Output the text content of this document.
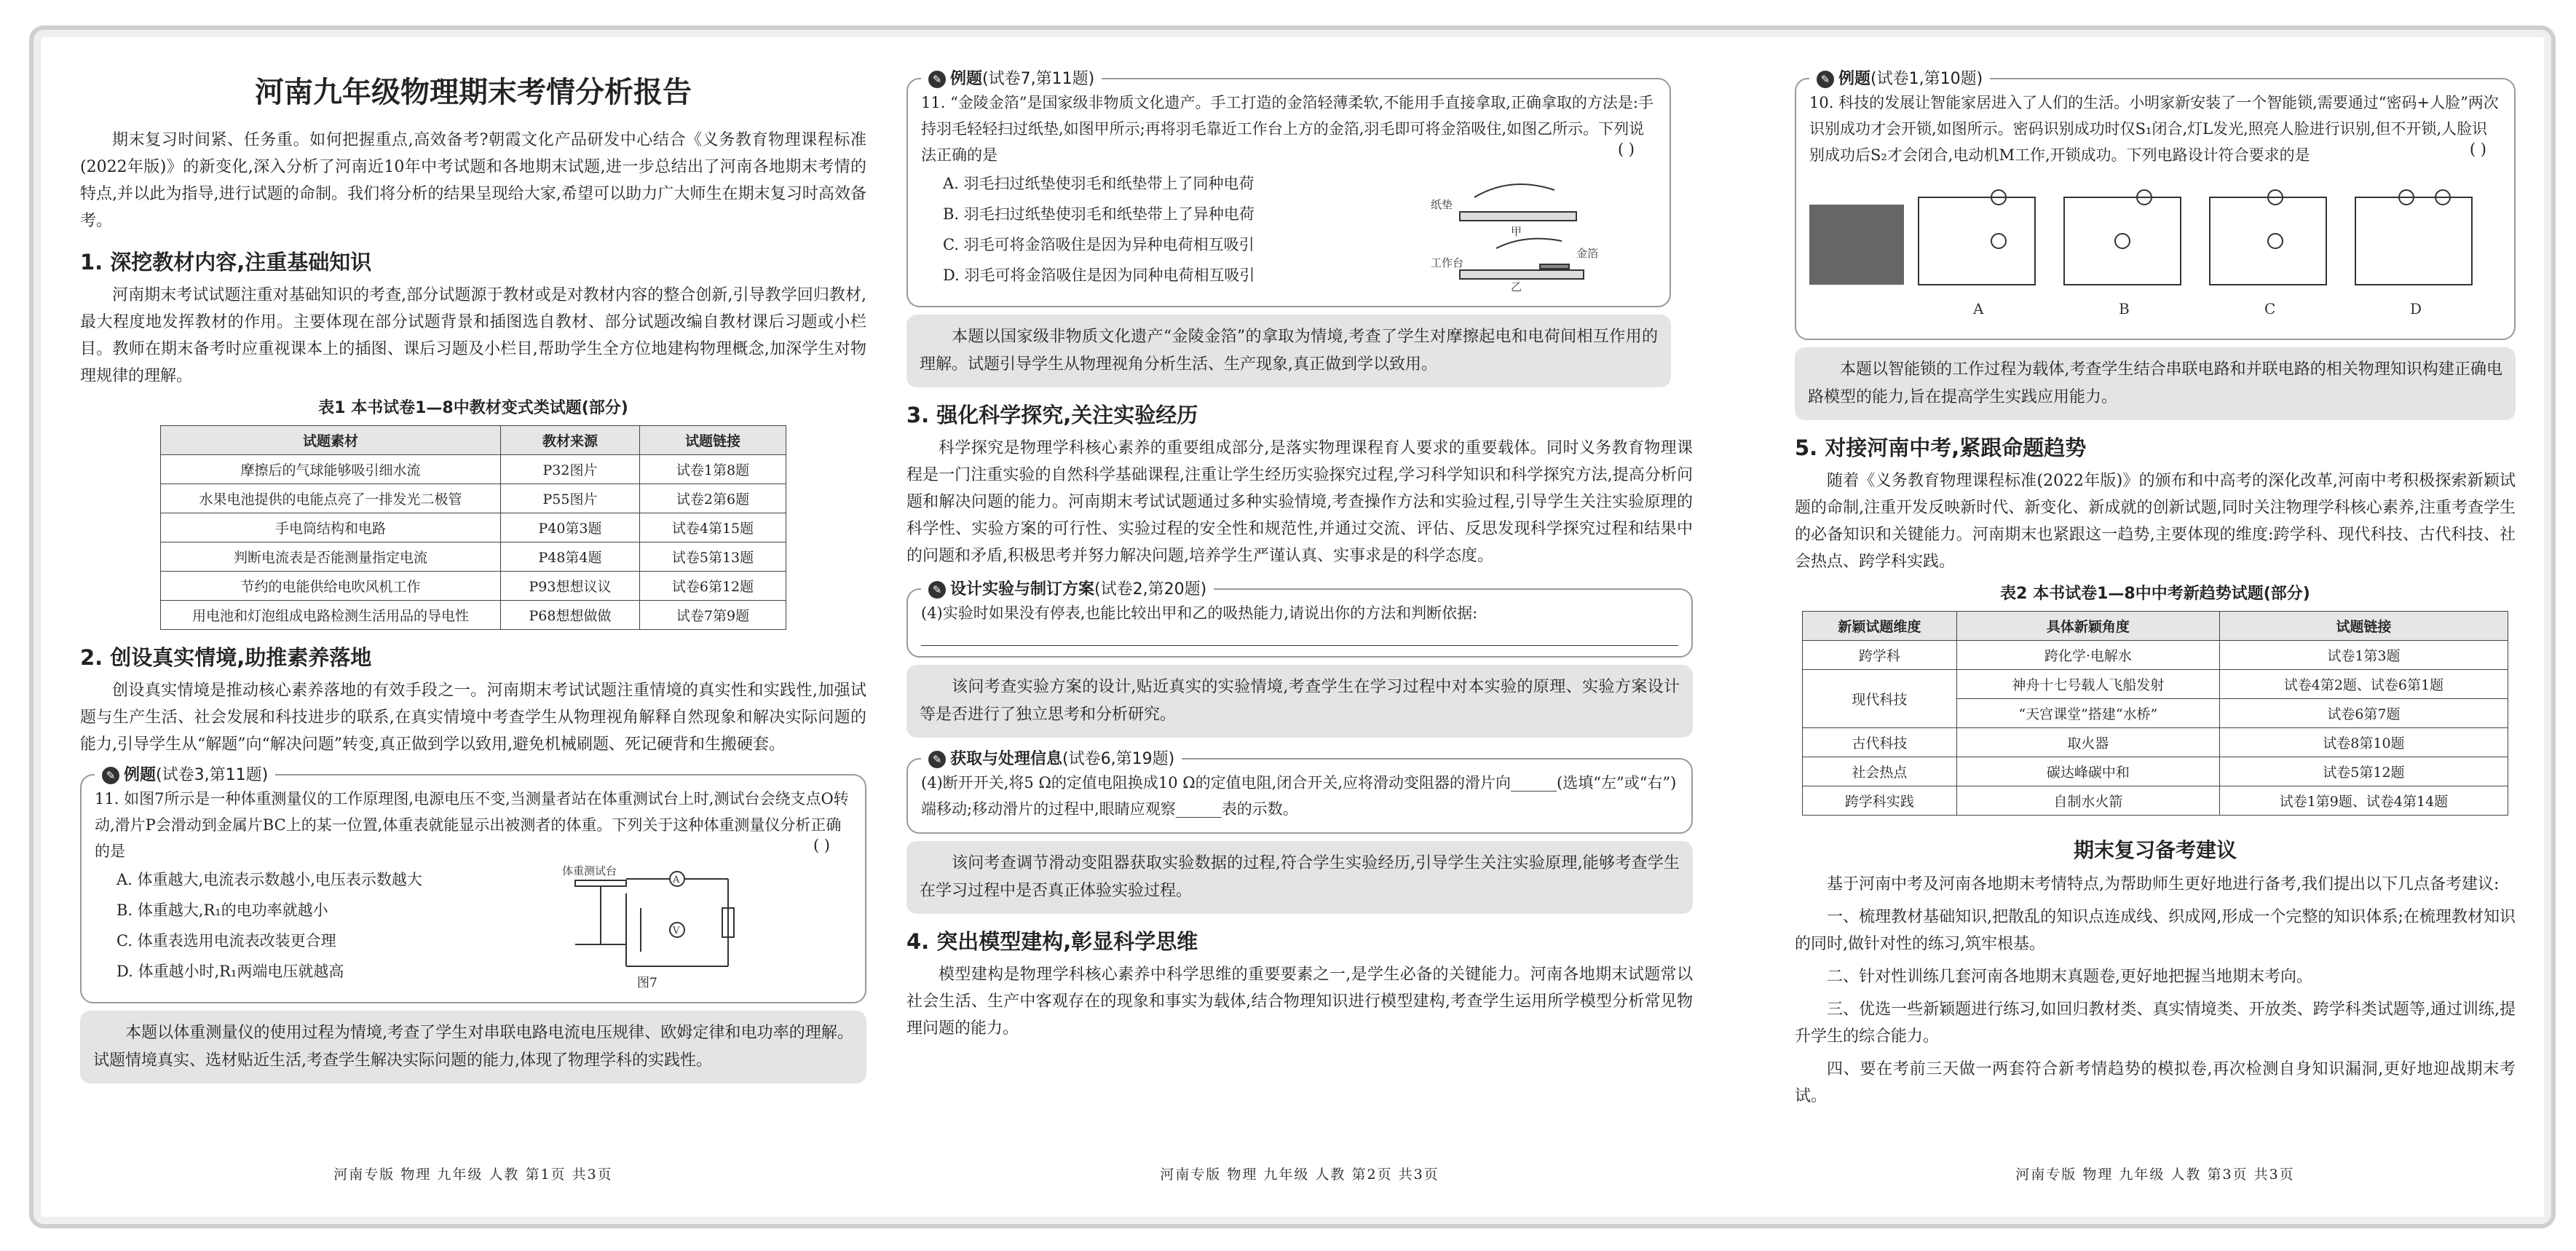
河南九年级物理期末考情分析报告

期末复习时间紧、任务重。如何把握重点,高效备考?朝霞文化产品研发中心结合《义务教育物理课程标准(2022年版)》的新变化,深入分析了河南近10年中考试题和各地期末试题,进一步总结出了河南各地期末考情的特点,并以此为指导,进行试题的命制。我们将分析的结果呈现给大家,希望可以助力广大师生在期末复习时高效备考。

1. 深挖教材内容,注重基础知识

河南期末考试试题注重对基础知识的考查,部分试题源于教材或是对教材内容的整合创新,引导教学回归教材,最大程度地发挥教材的作用。主要体现在部分试题背景和插图选自教材、部分试题改编自教材课后习题或小栏目。教师在期末备考时应重视课本上的插图、课后习题及小栏目,帮助学生全方位地建构物理概念,加深学生对物理规律的理解。

表1 本书试卷1—8中教材变式类试题(部分)
试题素材	教材来源	试题链接
摩擦后的气球能够吸引细水流	P32图片	试卷1第8题
水果电池提供的电能点亮了一排发光二极管	P55图片	试卷2第6题
手电筒结构和电路	P40第3题	试卷4第15题
判断电流表是否能测量指定电流	P48第4题	试卷5第13题
节约的电能供给电吹风机工作	P93想想议议	试卷6第12题
用电池和灯泡组成电路检测生活用品的导电性	P68想想做做	试卷7第9题
2. 创设真实情境,助推素养落地

创设真实情境是推动核心素养落地的有效手段之一。河南期末考试试题注重情境的真实性和实践性,加强试题与生产生活、社会发展和科技进步的联系,在真实情境中考查学生从物理视角解释自然现象和解决实际问题的能力,引导学生从“解题”向“解决问题”转变,真正做到学以致用,避免机械刷题、死记硬背和生搬硬套。

✎ 例题(试卷3,第11题)

11. 如图7所示是一种体重测量仪的工作原理图,电源电压不变,当测量者站在体重测试台上时,测试台会绕支点O转动,滑片P会滑动到金属片BC上的某一位置,体重表就能显示出被测者的体重。下列关于这种体重测量仪分析正确的是	( )

A. 体重越大,电流表示数越小,电压表示数越大

B. 体重越大,R₁的电功率就越小

C. 体重表选用电流表改装更合理

D. 体重越小时,R₁两端电压就越高

体重测试台
A
V
图7
本题以体重测量仪的使用过程为情境,考查了学生对串联电路电流电压规律、欧姆定律和电功率的理解。试题情境真实、选材贴近生活,考查学生解决实际问题的能力,体现了物理学科的实践性。
河南专版 物理 九年级 人教 第1页 共3页
✎ 例题(试卷7,第11题)

11. “金陵金箔”是国家级非物质文化遗产。手工打造的金箔轻薄柔软,不能用手直接拿取,正确拿取的方法是:手持羽毛轻轻扫过纸垫,如图甲所示;再将羽毛靠近工作台上方的金箔,羽毛即可将金箔吸住,如图乙所示。下列说法正确的是	( )

A. 羽毛扫过纸垫使羽毛和纸垫带上了同种电荷

B. 羽毛扫过纸垫使羽毛和纸垫带上了异种电荷

C. 羽毛可将金箔吸住是因为异种电荷相互吸引

D. 羽毛可将金箔吸住是因为同种电荷相互吸引

纸垫
甲
工作台
金箔
乙
本题以国家级非物质文化遗产“金陵金箔”的拿取为情境,考查了学生对摩擦起电和电荷间相互作用的理解。试题引导学生从物理视角分析生活、生产现象,真正做到学以致用。
3. 强化科学探究,关注实验经历

科学探究是物理学科核心素养的重要组成部分,是落实物理课程育人要求的重要载体。同时义务教育物理课程是一门注重实验的自然科学基础课程,注重让学生经历实验探究过程,学习科学知识和科学探究方法,提高分析问题和解决问题的能力。河南期末考试试题通过多种实验情境,考查操作方法和实验过程,引导学生关注实验原理的科学性、实验方案的可行性、实验过程的安全性和规范性,并通过交流、评估、反思发现科学探究过程和结果中的问题和矛盾,积极思考并努力解决问题,培养学生严谨认真、实事求是的科学态度。

✎ 设计实验与制订方案(试卷2,第20题)

(4)实验时如果没有停表,也能比较出甲和乙的吸热能力,请说出你的方法和判断依据:

该问考查实验方案的设计,贴近真实的实验情境,考查学生在学习过程中对本实验的原理、实验方案设计等是否进行了独立思考和分析研究。
✎ 获取与处理信息(试卷6,第19题)

(4)断开开关,将5 Ω的定值电阻换成10 Ω的定值电阻,闭合开关,应将滑动变阻器的滑片向______(选填“左”或“右”)端移动;移动滑片的过程中,眼睛应观察______表的示数。

该问考查调节滑动变阻器获取实验数据的过程,符合学生实验经历,引导学生关注实验原理,能够考查学生在学习过程中是否真正体验实验过程。
4. 突出模型建构,彰显科学思维

模型建构是物理学科核心素养中科学思维的重要要素之一,是学生必备的关键能力。河南各地期末试题常以社会生活、生产中客观存在的现象和事实为载体,结合物理知识进行模型建构,考查学生运用所学模型分析常见物理问题的能力。

河南专版 物理 九年级 人教 第2页 共3页
✎ 例题(试卷1,第10题)

10. 科技的发展让智能家居进入了人们的生活。小明家新安装了一个智能锁,需要通过“密码+人脸”两次识别成功才会开锁,如图所示。密码识别成功时仅S₁闭合,灯L发光,照亮人脸进行识别,但不开锁,人脸识别成功后S₂才会闭合,电动机M工作,开锁成功。下列电路设计符合要求的是	( )
A	B	C	D
本题以智能锁的工作过程为载体,考查学生结合串联电路和并联电路的相关物理知识构建正确电路模型的能力,旨在提高学生实践应用能力。
5. 对接河南中考,紧跟命题趋势

随着《义务教育物理课程标准(2022年版)》的颁布和中高考的深化改革,河南中考积极探索新颖试题的命制,注重开发反映新时代、新变化、新成就的创新试题,同时关注物理学科核心素养,注重考查学生的必备知识和关键能力。河南期末也紧跟这一趋势,主要体现的维度:跨学科、现代科技、古代科技、社会热点、跨学科实践。

表2 本书试卷1—8中中考新趋势试题(部分)
新颖试题维度	具体新颖角度	试题链接
跨学科	跨化学·电解水	试卷1第3题
现代科技	神舟十七号载人飞船发射	试卷4第2题、试卷6第1题
	“天宫课堂”搭建“水桥”	试卷6第7题
古代科技	取火器	试卷8第10题
社会热点	碳达峰碳中和	试卷5第12题
跨学科实践	自制水火箭	试卷1第9题、试卷4第14题
期末复习备考建议

基于河南中考及河南各地期末考情特点,为帮助师生更好地进行备考,我们提出以下几点备考建议:

一、梳理教材基础知识,把散乱的知识点连成线、织成网,形成一个完整的知识体系;在梳理教材知识的同时,做针对性的练习,筑牢根基。

二、针对性训练几套河南各地期末真题卷,更好地把握当地期末考向。

三、优选一些新颖题进行练习,如回归教材类、真实情境类、开放类、跨学科类试题等,通过训练,提升学生的综合能力。

四、要在考前三天做一两套符合新考情趋势的模拟卷,再次检测自身知识漏洞,更好地迎战期末考试。

河南专版 物理 九年级 人教 第3页 共3页
